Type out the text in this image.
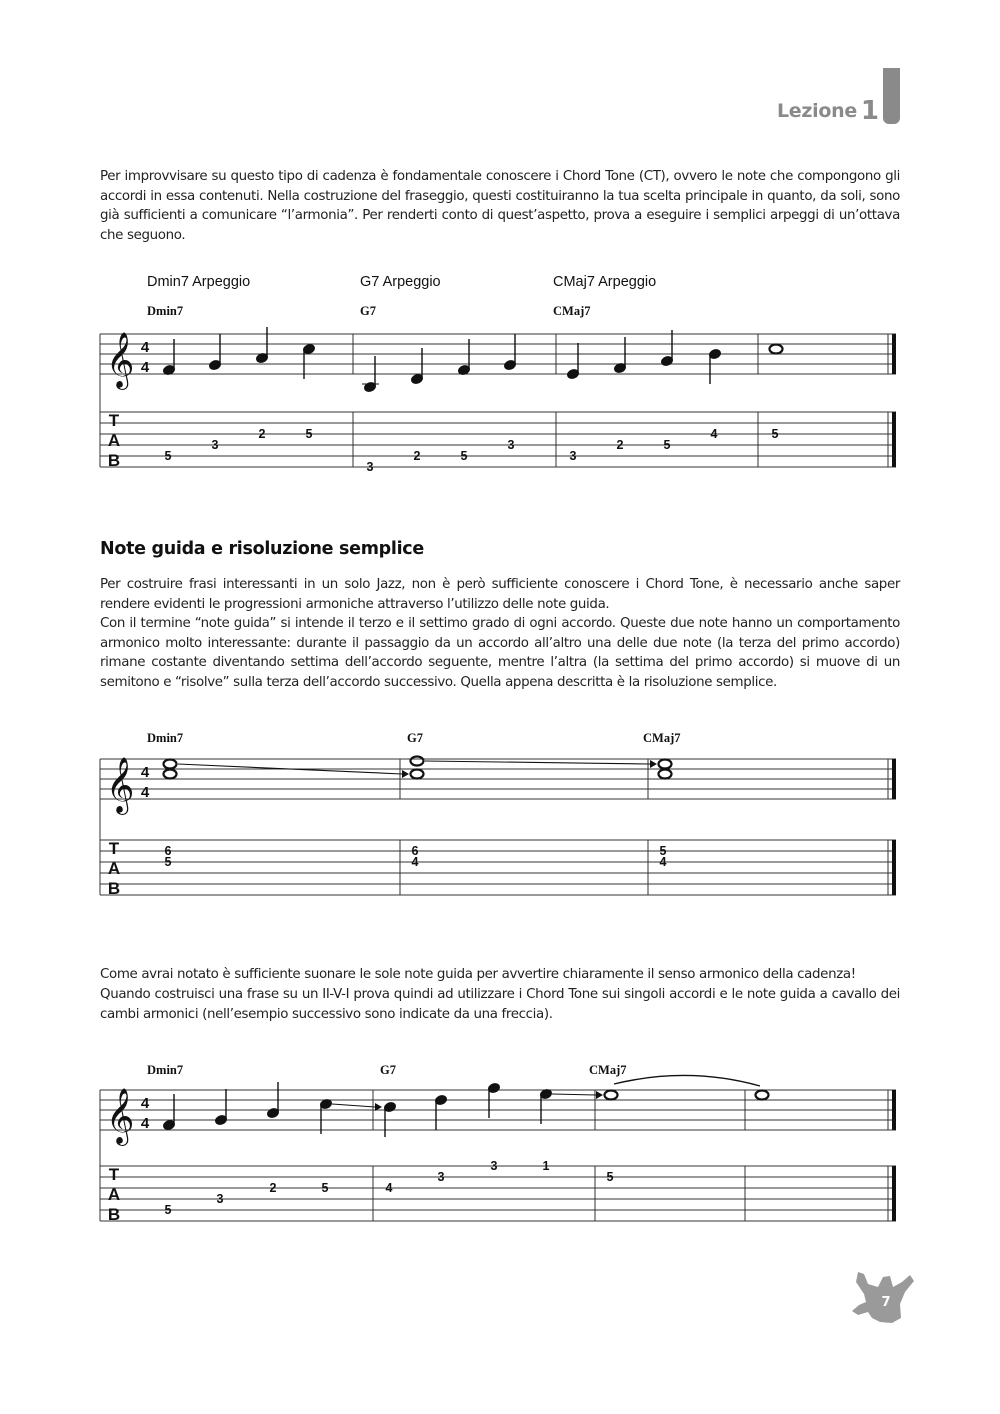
Lezione 1

Per improvvisare su questo tipo di cadenza è fondamentale conoscere i Chord Tone (CT), ovvero le note che compongono gli accordi in essa contenuti. Nella costruzione del fraseggio, questi costituiranno la tua scelta principale in quanto, da soli, sono già sufficienti a comunicare “l’armonia”. Per renderti conto di quest’aspetto, prova a eseguire i semplici arpeggi di un’ottava che seguono.

Dmin7 Arpeggio	G7 Arpeggio	CMaj7 Arpeggio
Dmin7	G7	CMaj7
𝄞 4
4
T
A
B	5
3
2	5
3
2	5
3
3
2	5
4	5
Note guida e risoluzione semplice

Per costruire frasi interessanti in un solo Jazz, non è però sufficiente conoscere i Chord Tone, è necessario anche saper rendere evidenti le progressioni armoniche attraverso l’utilizzo delle note guida.

Con il termine “note guida” si intende il terzo e il settimo grado di ogni accordo. Queste due note hanno un comportamento armonico molto interessante: durante il passaggio da un accordo all’altro una delle due note (la terza del primo accordo) rimane costante diventando settima dell’accordo seguente, mentre l’altra (la settima del primo accordo) si muove di un semitono e “risolve” sulla terza dell’accordo successivo. Quella appena descritta è la risoluzione semplice.

Dmin7	G7	CMaj7
𝄞 4
4
T
A
B
6
5
6
4
5
4

Come avrai notato è sufficiente suonare le sole note guida per avvertire chiaramente il senso armonico della cadenza!

Quando costruisci una frase su un II-V-I prova quindi ad utilizzare i Chord Tone sui singoli accordi e le note guida a cavallo dei cambi armonici (nell’esempio successivo sono indicate da una freccia).

Dmin7	G7	CMaj7
𝄞 4
4
T
A
B	5
3
2	5	4
3
3	1
5
7
